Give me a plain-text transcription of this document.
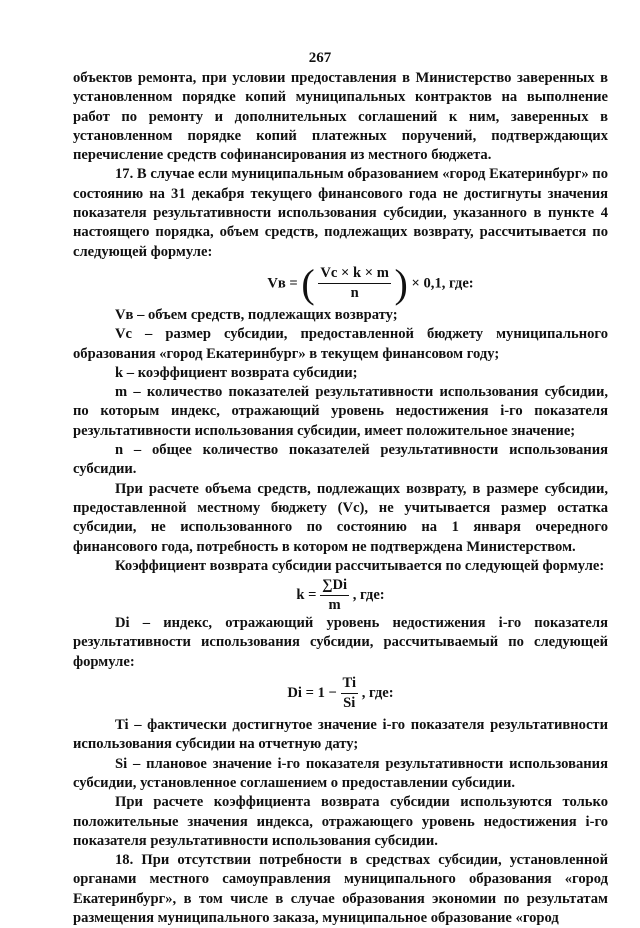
267

объектов ремонта, при условии предоставления в Министерство заверенных в установленном порядке копий муниципальных контрактов на выполнение работ по ремонту и дополнительных соглашений к ним, заверенных в установленном порядке копий платежных поручений, подтверждающих перечисление средств софинансирования из местного бюджета.

17. В случае если муниципальным образованием «город Екатеринбург» по состоянию на 31 декабря текущего финансового года не достигнуты значения показателя результативности использования субсидии, указанного в пункте 4 настоящего порядка, объем средств, подлежащих возврату, рассчитывается по следующей формуле:

Vв = ( $\frac{Vc \times k \times m}{n}$ ) × 0,1, где:

Vв – объем средств, подлежащих возврату;

Vc – размер субсидии, предоставленной бюджету муниципального образования «город Екатеринбург» в текущем финансовом году;

k – коэффициент возврата субсидии;

m – количество показателей результативности использования субсидии, по которым индекс, отражающий уровень недостижения i-го показателя результативности использования субсидии, имеет положительное значение;

n – общее количество показателей результативности использования субсидии.

При расчете объема средств, подлежащих возврату, в размере субсидии, предоставленной местному бюджету (Vc), не учитывается размер остатка субсидии, не использованного по состоянию на 1 января очередного финансового года, потребность в котором не подтверждена Министерством.

Коэффициент возврата субсидии рассчитывается по следующей формуле:

$k = \frac{\sum Di}{m}$ , где:

Di – индекс, отражающий уровень недостижения i-го показателя результативности использования субсидии, рассчитываемый по следующей формуле:

$Di = 1 - \frac{Ti}{Si}$ , где:

Ti – фактически достигнутое значение i-го показателя результативности использования субсидии на отчетную дату;

Si – плановое значение i-го показателя результативности использования субсидии, установленное соглашением о предоставлении субсидии.

При расчете коэффициента возврата субсидии используются только положительные значения индекса, отражающего уровень недостижения i-го показателя результативности использования субсидии.

18. При отсутствии потребности в средствах субсидии, установленной органами местного самоуправления муниципального образования «город Екатеринбург», в том числе в случае образования экономии по результатам размещения муниципального заказа, муниципальное образование «город
